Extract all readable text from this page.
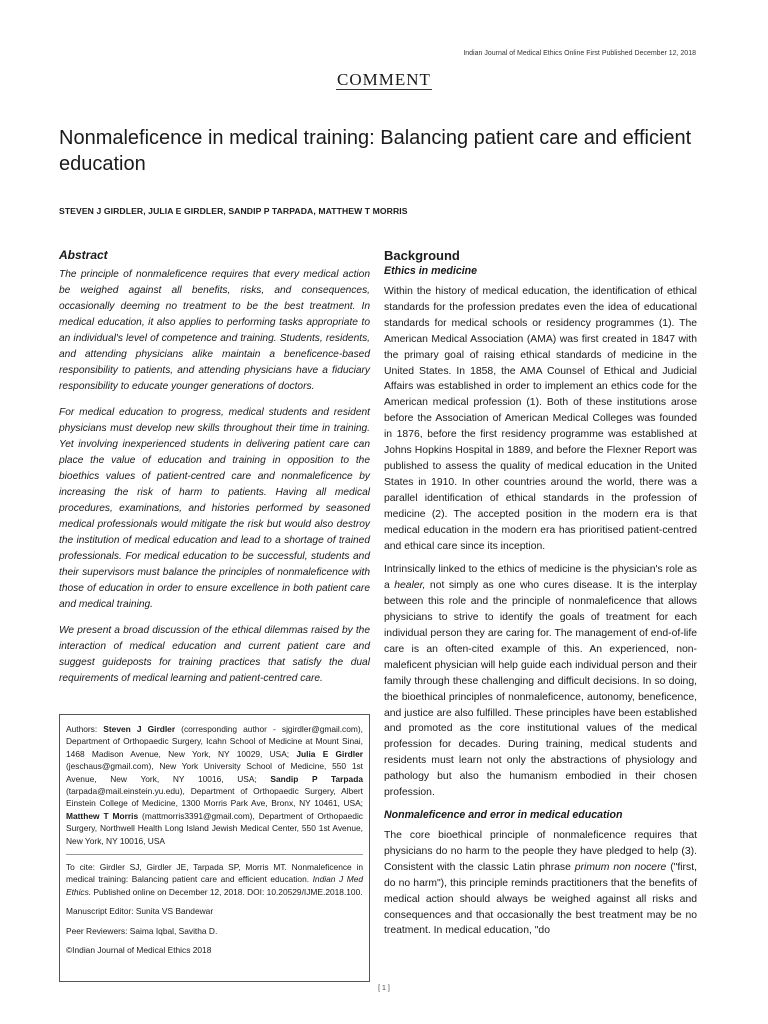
Indian Journal of Medical Ethics Online First Published December 12, 2018
COMMENT
Nonmaleficence in medical training: Balancing patient care and efficient education
STEVEN J GIRDLER, JULIA E GIRDLER, SANDIP P TARPADA, MATTHEW T MORRIS
Abstract

The principle of nonmaleficence requires that every medical action be weighed against all benefits, risks, and consequences, occasionally deeming no treatment to be the best treatment. In medical education, it also applies to performing tasks appropriate to an individual's level of competence and training. Students, residents, and attending physicians alike maintain a beneficence-based responsibility to patients, and attending physicians have a fiduciary responsibility to educate younger generations of doctors.

For medical education to progress, medical students and resident physicians must develop new skills throughout their time in training. Yet involving inexperienced students in delivering patient care can place the value of education and training in opposition to the bioethics values of patient-centred care and nonmaleficence by increasing the risk of harm to patients. Having all medical procedures, examinations, and histories performed by seasoned medical professionals would mitigate the risk but would also destroy the institution of medical education and lead to a shortage of trained professionals. For medical education to be successful, students and their supervisors must balance the principles of nonmaleficence with those of education in order to ensure excellence in both patient care and medical training.

We present a broad discussion of the ethical dilemmas raised by the interaction of medical education and current patient care and suggest guideposts for training practices that satisfy the dual requirements of medical learning and patient-centred care.

Authors: Steven J Girdler (corresponding author - sjgirdler@gmail.com), Department of Orthopaedic Surgery, Icahn School of Medicine at Mount Sinai, 1468 Madison Avenue, New York, NY 10029, USA; Julia E Girdler (jeschaus@gmail.com), New York University School of Medicine, 550 1st Avenue, New York, NY 10016, USA; Sandip P Tarpada (tarpada@mail.einstein.yu.edu), Department of Orthopaedic Surgery, Albert Einstein College of Medicine, 1300 Morris Park Ave, Bronx, NY 10461, USA; Matthew T Morris (mattmorris3391@gmail.com), Department of Orthopaedic Surgery, Northwell Health Long Island Jewish Medical Center, 550 1st Avenue, New York, NY 10016, USA

To cite: Girdler SJ, Girdler JE, Tarpada SP, Morris MT. Nonmaleficence in medical training: Balancing patient care and efficient education. Indian J Med Ethics. Published online on December 12, 2018. DOI: 10.20529/IJME.2018.100.

Manuscript Editor: Sunita VS Bandewar

Peer Reviewers: Saima Iqbal, Savitha D.

©Indian Journal of Medical Ethics 2018

Background
Ethics in medicine

Within the history of medical education, the identification of ethical standards for the profession predates even the idea of educational standards for medical schools or residency programmes (1). The American Medical Association (AMA) was first created in 1847 with the primary goal of raising ethical standards of medicine in the United States. In 1858, the AMA Counsel of Ethical and Judicial Affairs was established in order to implement an ethics code for the American medical profession (1). Both of these institutions arose before the Association of American Medical Colleges was founded in 1876, before the first residency programme was established at Johns Hopkins Hospital in 1889, and before the Flexner Report was published to assess the quality of medical education in the United States in 1910. In other countries around the world, there was a parallel identification of ethical standards in the profession of medicine (2). The accepted position in the modern era is that medical education in the modern era has prioritised patient-centred and ethical care since its inception.

Intrinsically linked to the ethics of medicine is the physician's role as a healer, not simply as one who cures disease. It is the interplay between this role and the principle of nonmaleficence that allows physicians to strive to identify the goals of treatment for each individual person they are caring for. The management of end-of-life care is an often-cited example of this. An experienced, non-maleficent physician will help guide each individual person and their family through these challenging and difficult decisions. In so doing, the bioethical principles of nonmaleficence, autonomy, beneficence, and justice are also fulfilled. These principles have been established and promoted as the core institutional values of the medical profession for decades. During training, medical students and residents must learn not only the abstractions of physiology and pathology but also the humanism embodied in their chosen profession.

Nonmaleficence and error in medical education

The core bioethical principle of nonmaleficence requires that physicians do no harm to the people they have pledged to help (3). Consistent with the classic Latin phrase primum non nocere ("first, do no harm"), this principle reminds practitioners that the benefits of medical action should always be weighed against all risks and consequences and that occasionally the best treatment may be no treatment. In medical education, "do

[ 1 ]
